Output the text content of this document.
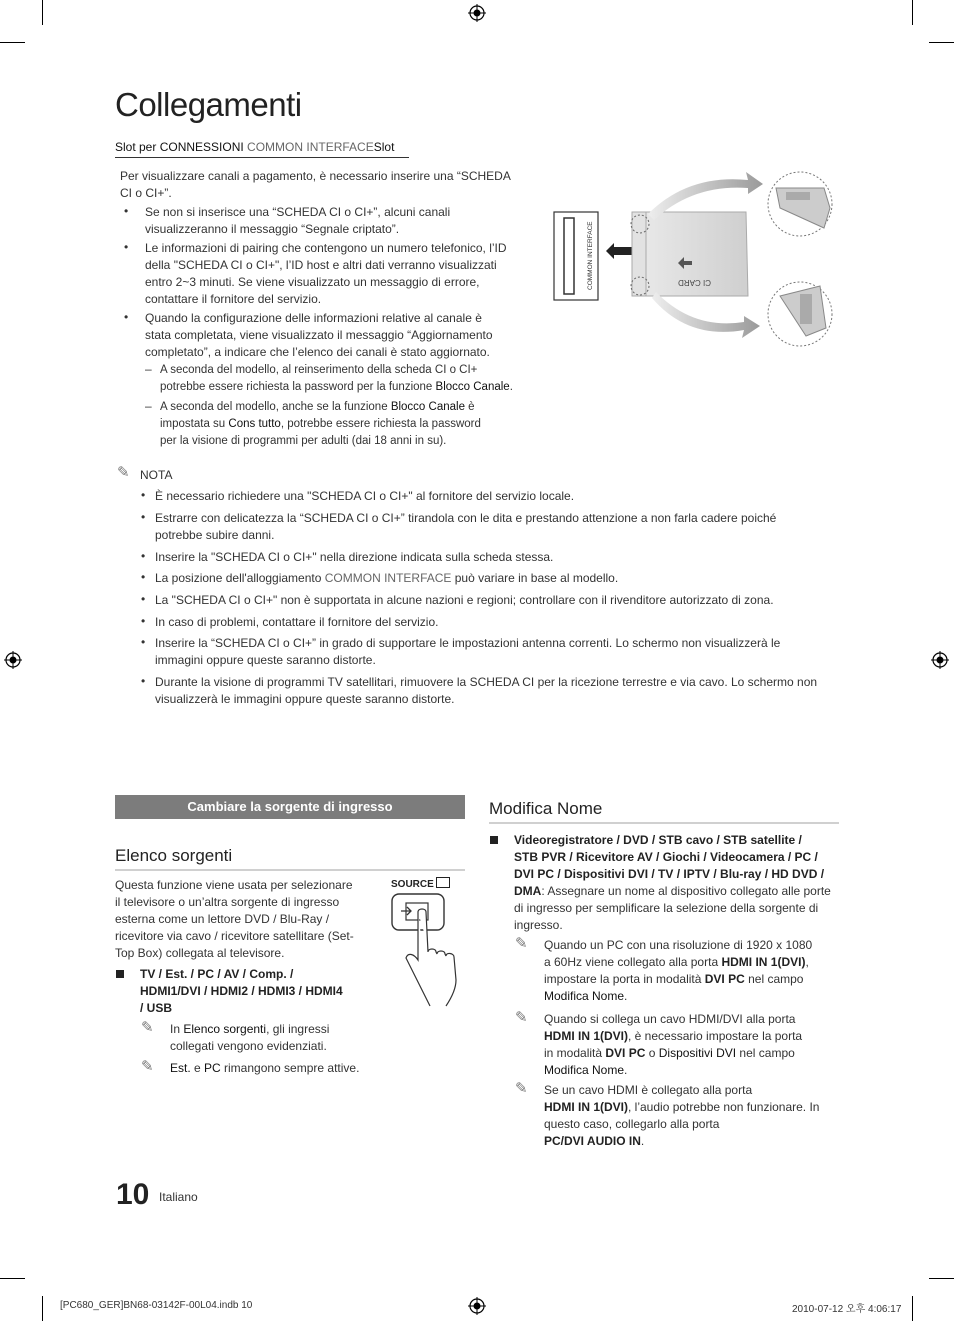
Collegamenti
Slot per CONNESSIONI COMMON INTERFACESlot
Per visualizzare canali a pagamento, è necessario inserire una “SCHEDA
CI o CI+”.
• Se non si inserisce una “SCHEDA CI o CI+”, alcuni canali
visualizzeranno il messaggio “Segnale criptato”.
• Le informazioni di pairing che contengono un numero telefonico, l’ID
della "SCHEDA CI o CI+", l’ID host e altri dati verranno visualizzati
entro 2~3 minuti. Se viene visualizzato un messaggio di errore,
contattare il fornitore del servizio.
• Quando la configurazione delle informazioni relative al canale è
stata completata, viene visualizzato il messaggio “Aggiornamento
completato”, a indicare che l’elenco dei canali è stato aggiornato.
– A seconda del modello, al reinserimento della scheda CI o CI+
potrebbe essere richiesta la password per la funzione Blocco Canale.
– A seconda del modello, anche se la funzione Blocco Canale è
impostata su Cons tutto, potrebbe essere richiesta la password
per la visione di programmi per adulti (dai 18 anni in su).
COMMON INTERFACE	CI CARD
✎ NOTA
• È necessario richiedere una "SCHEDA CI o CI+" al fornitore del servizio locale.
• Estrarre con delicatezza la “SCHEDA CI o CI+” tirandola con le dita e prestando attenzione a non farla cadere poiché
potrebbe subire danni.
• Inserire la "SCHEDA CI o CI+" nella direzione indicata sulla scheda stessa.
• La posizione dell'alloggiamento COMMON INTERFACE può variare in base al modello.
• La "SCHEDA CI o CI+" non è supportata in alcune nazioni e regioni; controllare con il rivenditore autorizzato di zona.
• In caso di problemi, contattare il fornitore del servizio.
• Inserire la “SCHEDA CI o CI+” in grado di supportare le impostazioni antenna correnti. Lo schermo non visualizzerà le
immagini oppure queste saranno distorte.
• Durante la visione di programmi TV satellitari, rimuovere la SCHEDA CI per la ricezione terrestre e via cavo. Lo schermo non
visualizzerà le immagini oppure queste saranno distorte.
Cambiare la sorgente di ingresso
Elenco sorgenti
Questa funzione viene usata per selezionare
il televisore o un’altra sorgente di ingresso
esterna come un lettore DVD / Blu-Ray /
ricevitore via cavo / ricevitore satellitare (Set-
Top Box) collegata al televisore.
TV / Est. / PC / AV / Comp. /
HDMI1/DVI / HDMI2 / HDMI3 / HDMI4
/ USB
✎ In Elenco sorgenti, gli ingressi
collegati vengono evidenziati.
✎ Est. e PC rimangono sempre attive.
SOURCE
Modifica Nome
Videoregistratore / DVD / STB cavo / STB satellite /
STB PVR / Ricevitore AV / Giochi / Videocamera / PC /
DVI PC / Dispositivi DVI / TV / IPTV / Blu-ray / HD DVD /
DMA: Assegnare un nome al dispositivo collegato alle porte
di ingresso per semplificare la selezione della sorgente di
ingresso.
✎ Quando un PC con una risoluzione di 1920 x 1080
a 60Hz viene collegato alla porta HDMI IN 1(DVI),
impostare la porta in modalità DVI PC nel campo
Modifica Nome.
✎ Quando si collega un cavo HDMI/DVI alla porta
HDMI IN 1(DVI), è necessario impostare la porta
in modalità DVI PC o Dispositivi DVI nel campo
Modifica Nome.
✎ Se un cavo HDMI è collegato alla porta
HDMI IN 1(DVI), l’audio potrebbe non funzionare. In
questo caso, collegarlo alla porta
PC/DVI AUDIO IN.
10 Italiano
[PC680_GER]BN68-03142F-00L04.indb 10	2010-07-12 오후 4:06:17
